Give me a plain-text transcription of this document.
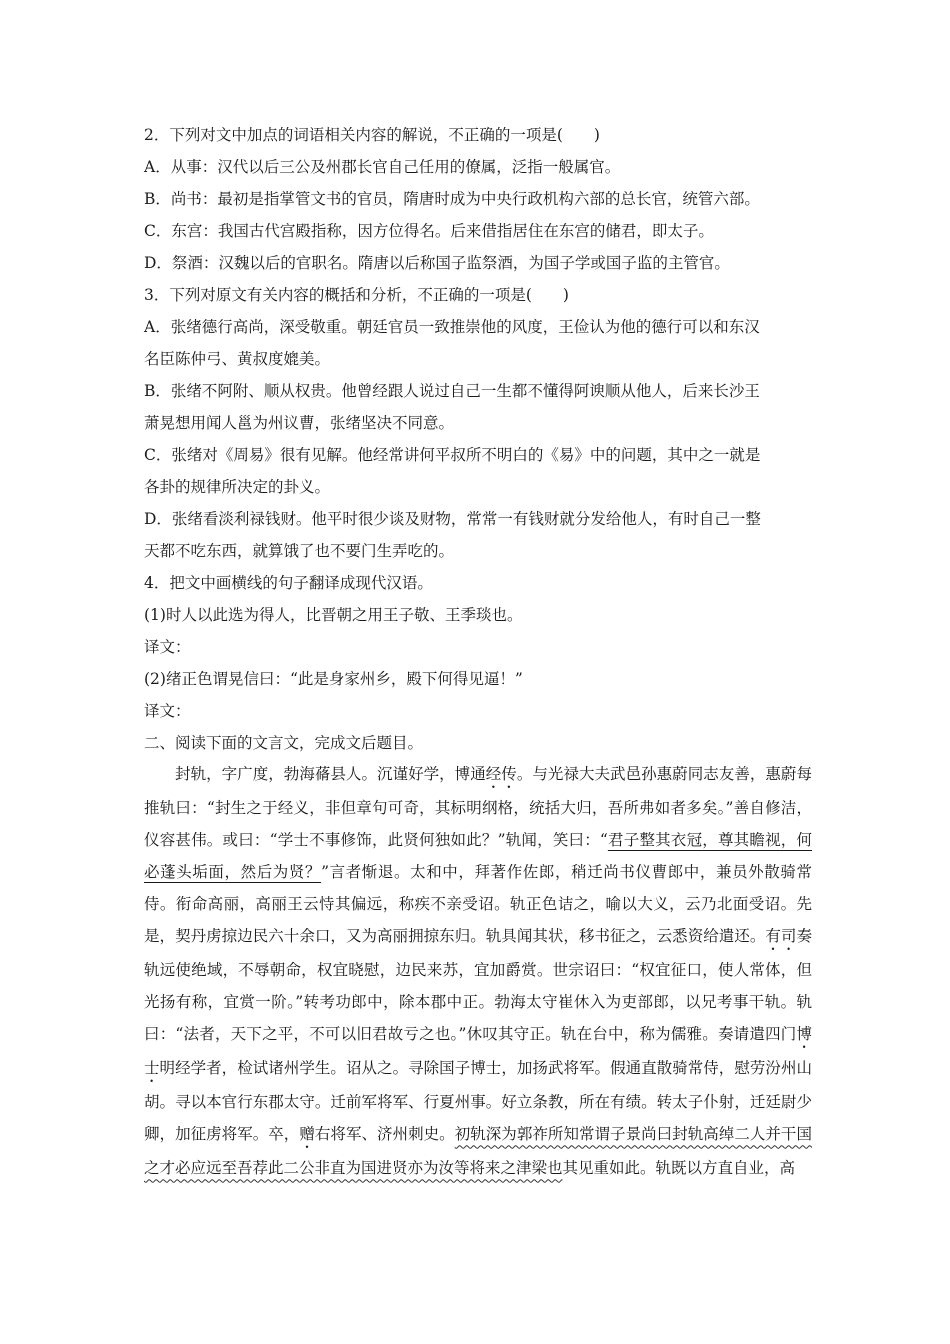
2．下列对文中加点的词语相关内容的解说，不正确的一项是(　　)
A．从事：汉代以后三公及州郡长官自己任用的僚属，泛指一般属官。
B．尚书：最初是指掌管文书的官员，隋唐时成为中央行政机构六部的总长官，统管六部。
C．东宫：我国古代宫殿指称，因方位得名。后来借指居住在东宫的储君，即太子。
D．祭酒：汉魏以后的官职名。隋唐以后称国子监祭酒，为国子学或国子监的主管官。
3．下列对原文有关内容的概括和分析，不正确的一项是(　　)
A．张绪德行高尚，深受敬重。朝廷官员一致推崇他的风度，王俭认为他的德行可以和东汉
名臣陈仲弓、黄叔度媲美。
B．张绪不阿附、顺从权贵。他曾经跟人说过自己一生都不懂得阿谀顺从他人，后来长沙王
萧晃想用闻人邕为州议曹，张绪坚决不同意。
C．张绪对《周易》很有见解。他经常讲何平叔所不明白的《易》中的问题，其中之一就是
各卦的规律所决定的卦义。
D．张绪看淡利禄钱财。他平时很少谈及财物，常常一有钱财就分发给他人，有时自己一整
天都不吃东西，就算饿了也不要门生弄吃的。
4．把文中画横线的句子翻译成现代汉语。
(1)时人以此选为得人，比晋朝之用王子敬、王季琰也。
译文：
(2)绪正色谓晃信曰：“此是身家州乡，殿下何得见逼！”
译文：
二、阅读下面的文言文，完成文后题目。
封轨，字广度，勃海蓨县人。沉谨好学，博通经传。与光禄大夫武邑孙惠蔚同志友善，惠蔚每推轨曰：“封生之于经义，非但章句可奇，其标明纲格，统括大归，吾所弗如者多矣。”善自修洁，仪容甚伟。或曰：“学士不事修饰，此贤何独如此？”轨闻，笑曰：“君子整其衣冠，尊其瞻视，何必蓬头垢面，然后为贤？”言者惭退。太和中，拜著作佐郎，稍迁尚书仪曹郎中，兼员外散骑常侍。衔命高丽，高丽王云恃其偏远，称疾不亲受诏。轨正色诘之，喻以大义，云乃北面受诏。先是，契丹虏掠边民六十余口，又为高丽拥掠东归。轨具闻其状，移书征之，云悉资给遣还。有司奏轨远使绝域，不辱朝命，权宜晓慰，边民来苏，宜加爵赏。世宗诏曰：“权宜征口，使人常体，但光扬有称，宜赏一阶。”转考功郎中，除本郡中正。勃海太守崔休入为吏部郎，以兄考事干轨。轨曰：“法者，天下之平，不可以旧君故亏之也。”休叹其守正。轨在台中，称为儒雅。奏请遣四门博士明经学者，检试诸州学生。诏从之。寻除国子博士，加扬武将军。假通直散骑常侍，慰劳汾州山胡。寻以本官行东郡太守。迁前军将军、行夏州事。好立条教，所在有绩。转太子仆射，迁廷尉少卿，加征虏将军。卒，赠右将军、济州刺史。初轨深为郭祚所知常谓子景尚曰封轨高绰二人并干国之才必应远至吾荐此二公非直为国进贤亦为汝等将来之津梁也其见重如此。轨既以方直自业，高
